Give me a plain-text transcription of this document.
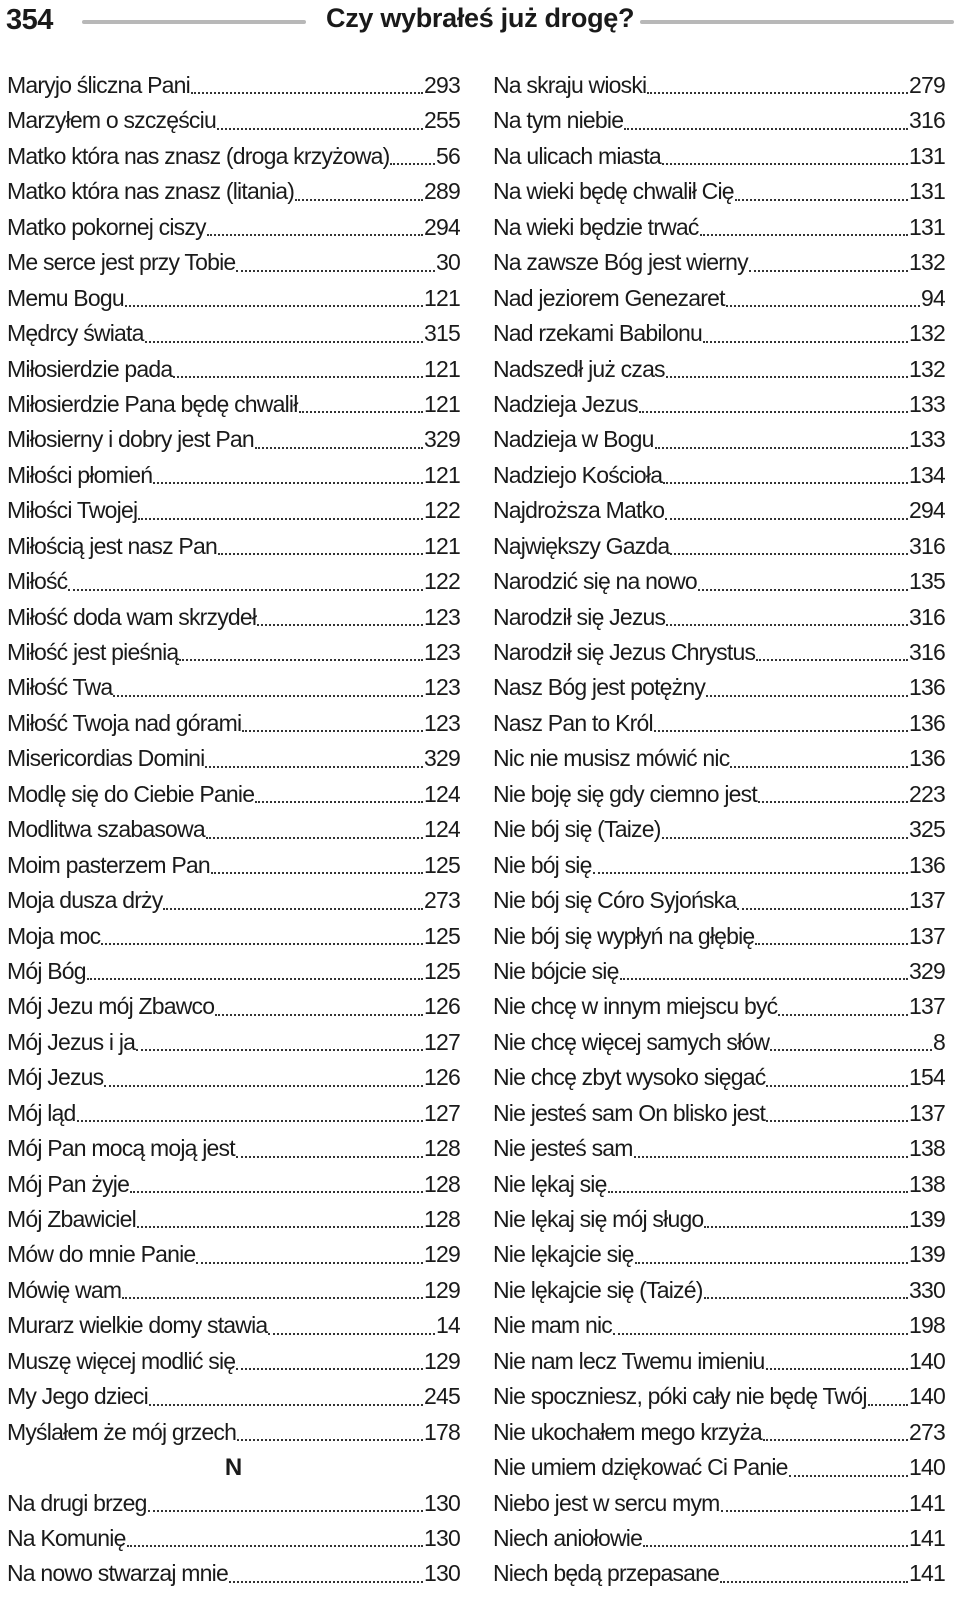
354	Czy wybrałeś już drogę?
Maryjo śliczna Pani	293
Marzyłem o szczęściu	255
Matko która nas znasz (droga krzyżowa) 56
Matko która nas znasz (litania)	289
Matko pokornej ciszy	294
Me serce jest przy Tobie	30
Memu Bogu	121
Mędrcy świata	315
Miłosierdzie pada	121
Miłosierdzie Pana będę chwalił	121
Miłosierny i dobry jest Pan	329
Miłości płomień	121
Miłości Twojej	122
Miłością jest nasz Pan	121
Miłość	122
Miłość doda wam skrzydeł	123
Miłość jest pieśnią	123
Miłość Twa	123
Miłość Twoja nad górami	123
Misericordias Domini	329
Modlę się do Ciebie Panie	124
Modlitwa szabasowa	124
Moim pasterzem Pan	125
Moja dusza drży	273
Moja moc	125
Mój Bóg	125
Mój Jezu mój Zbawco	126
Mój Jezus i ja	127
Mój Jezus	126
Mój ląd	127
Mój Pan mocą moją jest	128
Mój Pan żyje	128
Mój Zbawiciel	128
Mów do mnie Panie	129
Mówię wam	129
Murarz wielkie domy stawia	14
Muszę więcej modlić się	129
My Jego dzieci	245
Myślałem że mój grzech	178
N
Na drugi brzeg	130
Na Komunię	130
Na nowo stwarzaj mnie	130
Na skraju wioski	279
Na tym niebie	316
Na ulicach miasta	131
Na wieki będę chwalił Cię	131
Na wieki będzie trwać	131
Na zawsze Bóg jest wierny	132
Nad jeziorem Genezaret	94
Nad rzekami Babilonu	132
Nadszedł już czas	132
Nadzieja Jezus	133
Nadzieja w Bogu	133
Nadziejo Kościoła	134
Najdroższa Matko	294
Największy Gazda	316
Narodzić się na nowo	135
Narodził się Jezus	316
Narodził się Jezus Chrystus	316
Nasz Bóg jest potężny	136
Nasz Pan to Król	136
Nic nie musisz mówić nic	136
Nie boję się gdy ciemno jest	223
Nie bój się (Taize)	325
Nie bój się	136
Nie bój się Córo Syjońska	137
Nie bój się wypłyń na głębię	137
Nie bójcie się	329
Nie chcę w innym miejscu być	137
Nie chcę więcej samych słów	8
Nie chcę zbyt wysoko sięgać	154
Nie jesteś sam On blisko jest	137
Nie jesteś sam	138
Nie lękaj się	138
Nie lękaj się mój sługo	139
Nie lękajcie się	139
Nie lękajcie się (Taizé)	330
Nie mam nic	198
Nie nam lecz Twemu imieniu	140
Nie spoczniesz, póki cały nie będę Twój 140
Nie ukochałem mego krzyża	273
Nie umiem dziękować Ci Panie	140
Niebo jest w sercu mym	141
Niech aniołowie	141
Niech będą przepasane	141
